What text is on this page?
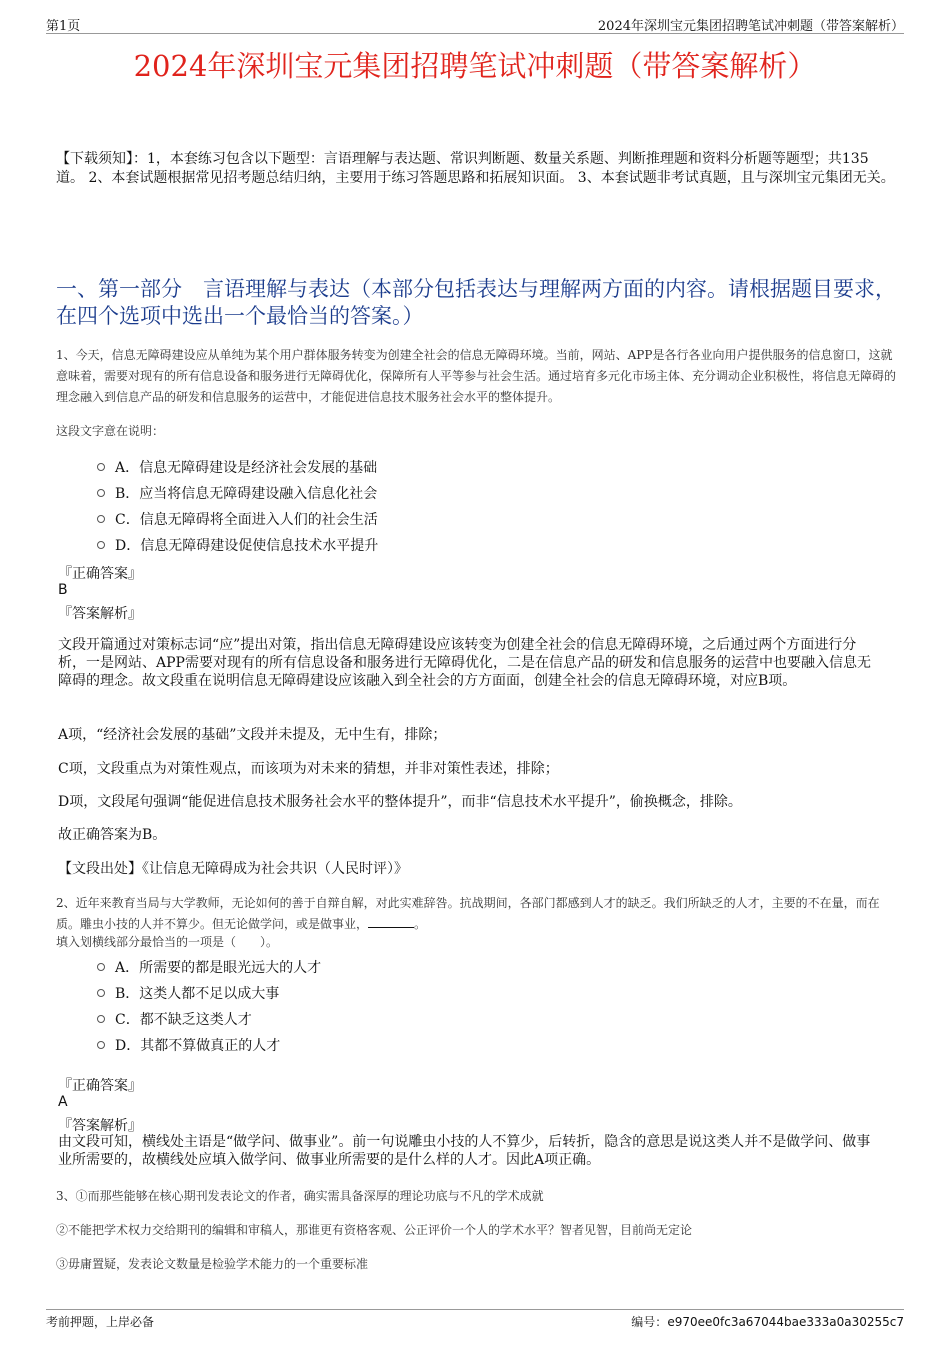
第1页	2024年深圳宝元集团招聘笔试冲刺题（带答案解析）
2024年深圳宝元集团招聘笔试冲刺题（带答案解析）
【下载须知】：1，本套练习包含以下题型：言语理解与表达题、常识判断题、数量关系题、判断推理题和资料分析题等题型；共135道。 2、本套试题根据常见招考题总结归纳，主要用于练习答题思路和拓展知识面。 3、本套试题非考试真题，且与深圳宝元集团无关。
一、第一部分　言语理解与表达（本部分包括表达与理解两方面的内容。请根据题目要求，在四个选项中选出一个最恰当的答案。）
1、今天，信息无障碍建设应从单纯为某个用户群体服务转变为创建全社会的信息无障碍环境。当前，网站、APP是各行各业向用户提供服务的信息窗口，这就意味着，需要对现有的所有信息设备和服务进行无障碍优化，保障所有人平等参与社会生活。通过培育多元化市场主体、充分调动企业积极性，将信息无障碍的理念融入到信息产品的研发和信息服务的运营中，才能促进信息技术服务社会水平的整体提升。
这段文字意在说明：
A．信息无障碍建设是经济社会发展的基础
B．应当将信息无障碍建设融入信息化社会
C．信息无障碍将全面进入人们的社会生活
D．信息无障碍建设促使信息技术水平提升
『正确答案』
B
『答案解析』
文段开篇通过对策标志词“应”提出对策，指出信息无障碍建设应该转变为创建全社会的信息无障碍环境，之后通过两个方面进行分析，一是网站、APP需要对现有的所有信息设备和服务进行无障碍优化，二是在信息产品的研发和信息服务的运营中也要融入信息无障碍的理念。故文段重在说明信息无障碍建设应该融入到全社会的方方面面，创建全社会的信息无障碍环境，对应B项。
A项，“经济社会发展的基础”文段并未提及，无中生有，排除；
C项，文段重点为对策性观点，而该项为对未来的猜想，并非对策性表述，排除；
D项，文段尾句强调“能促进信息技术服务社会水平的整体提升”，而非“信息技术水平提升”，偷换概念，排除。
故正确答案为B。
【文段出处】《让信息无障碍成为社会共识（人民时评）》
2、近年来教育当局与大学教师，无论如何的善于自辩自解，对此实难辞咎。抗战期间，各部门都感到人才的缺乏。我们所缺乏的人才，主要的不在量，而在质。雕虫小技的人并不算少。但无论做学问，或是做事业，	。
填入划横线部分最恰当的一项是（　　）。
A．所需要的都是眼光远大的人才
B．这类人都不足以成大事
C．都不缺乏这类人才
D．其都不算做真正的人才
『正确答案』
A
『答案解析』
由文段可知，横线处主语是“做学问、做事业”。前一句说雕虫小技的人不算少，后转折，隐含的意思是说这类人并不是做学问、做事业所需要的，故横线处应填入做学问、做事业所需要的是什么样的人才。因此A项正确。
3、①而那些能够在核心期刊发表论文的作者，确实需具备深厚的理论功底与不凡的学术成就
②不能把学术权力交给期刊的编辑和审稿人，那谁更有资格客观、公正评价一个人的学术水平？智者见智，目前尚无定论
③毋庸置疑，发表论文数量是检验学术能力的一个重要标准
考前押题，上岸必备	编号：e970ee0fc3a67044bae333a0a30255c7
